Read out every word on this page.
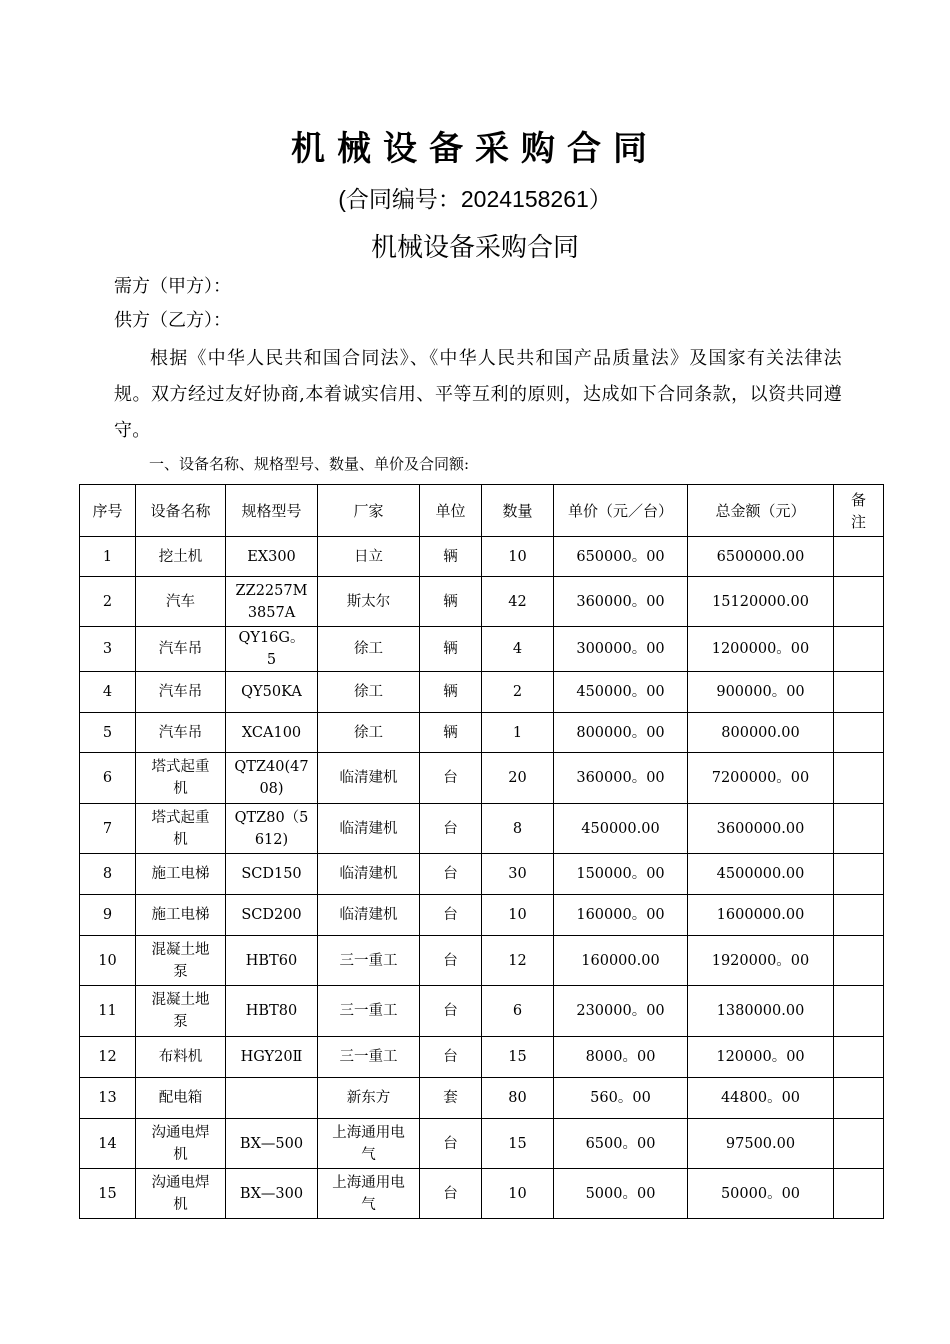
机械设备采购合同
(合同编号：2024158261）
机械设备采购合同
需方（甲方）：
供方（乙方）：
根据《中华人民共和国合同法》、《中华人民共和国产品质量法》及国家有关法律法规。双方经过友好协商,本着诚实信用、平等互利的原则，达成如下合同条款，以资共同遵守。
一、设备名称、规格型号、数量、单价及合同额:
序号	设备名称	规格型号	厂家	单位	数量	单价（元／台）	总金额（元）	备注
1	挖土机	EX300	日立	辆	10	650000。00	6500000.00	
2	汽车	ZZ2257M3857A	斯太尔	辆	42	360000。00	15120000.00	
3	汽车吊	QY16G。5	徐工	辆	4	300000。00	1200000。00	
4	汽车吊	QY50KA	徐工	辆	2	450000。00	900000。00	
5	汽车吊	XCA100	徐工	辆	1	800000。00	800000.00	
6	塔式起重机	QTZ40(4708)	临清建机	台	20	360000。00	7200000。00	
7	塔式起重机	QTZ80（5612)	临清建机	台	8	450000.00	3600000.00	
8	施工电梯	SCD150	临清建机	台	30	150000。00	4500000.00	
9	施工电梯	SCD200	临清建机	台	10	160000。00	1600000.00	
10	混凝土地泵	HBT60	三一重工	台	12	160000.00	1920000。00	
11	混凝土地泵	HBT80	三一重工	台	6	230000。00	1380000.00	
12	布料机	HGY20Ⅱ	三一重工	台	15	8000。00	120000。00	
13	配电箱		新东方	套	80	560。00	44800。00	
14	沟通电焊机	BX—500	上海通用电气	台	15	6500。00	97500.00	
15	沟通电焊机	BX—300	上海通用电气	台	10	5000。00	50000。00	
